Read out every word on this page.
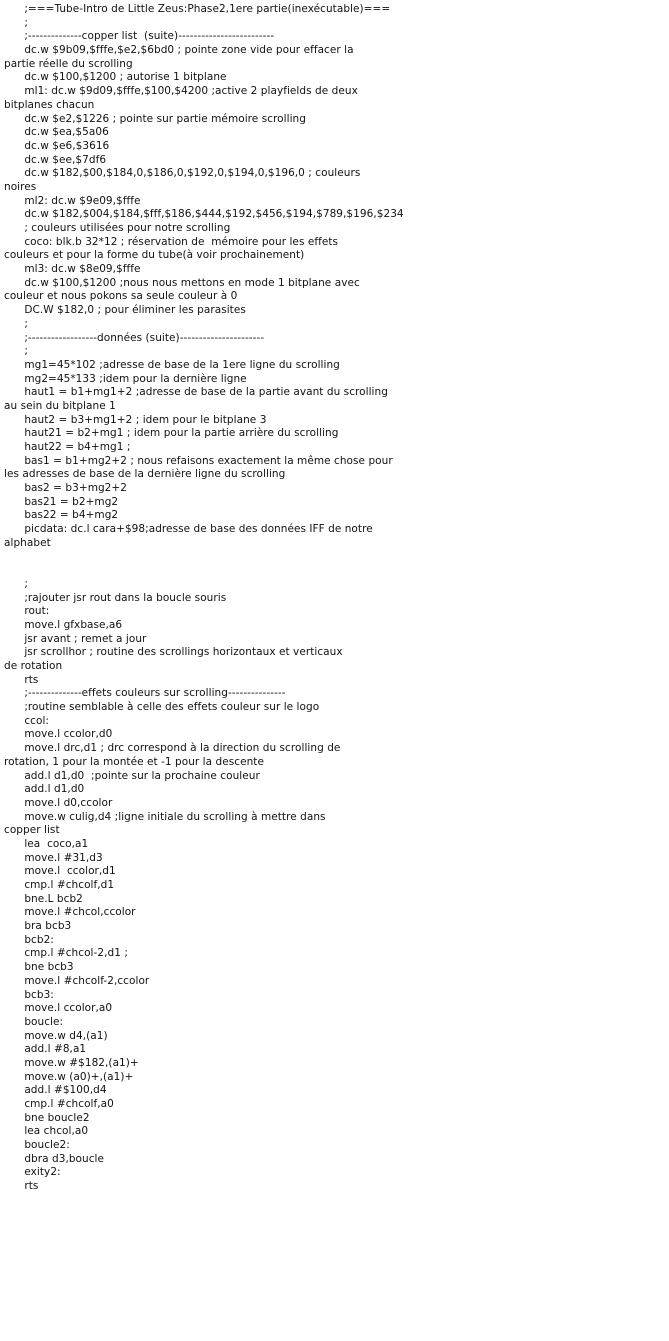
;===Tube-Intro de Little Zeus:Phase2,1ere partie(inexécutable)===
;
;--------------copper list  (suite)-------------------------
dc.w $9b09,$fffe,$e2,$6bd0 ; pointe zone vide pour effacer la
partie réelle du scrolling
dc.w $100,$1200 ; autorise 1 bitplane
ml1: dc.w $9d09,$fffe,$100,$4200 ;active 2 playfields de deux
bitplanes chacun
dc.w $e2,$1226 ; pointe sur partie mémoire scrolling
dc.w $ea,$5a06
dc.w $e6,$3616
dc.w $ee,$7df6
dc.w $182,$00,$184,0,$186,0,$192,0,$194,0,$196,0 ; couleurs
noires
ml2: dc.w $9e09,$fffe
dc.w $182,$004,$184,$fff,$186,$444,$192,$456,$194,$789,$196,$234
; couleurs utilisées pour notre scrolling
coco: blk.b 32*12 ; réservation de  mémoire pour les effets
couleurs et pour la forme du tube(à voir prochainement)
ml3: dc.w $8e09,$fffe
dc.w $100,$1200 ;nous nous mettons en mode 1 bitplane avec
couleur et nous pokons sa seule couleur à 0
DC.W $182,0 ; pour éliminer les parasites
;
;------------------données (suite)----------------------
;
mg1=45*102 ;adresse de base de la 1ere ligne du scrolling
mg2=45*133 ;idem pour la dernière ligne
haut1 = b1+mg1+2 ;adresse de base de la partie avant du scrolling
au sein du bitplane 1
haut2 = b3+mg1+2 ; idem pour le bitplane 3
haut21 = b2+mg1 ; idem pour la partie arrière du scrolling
haut22 = b4+mg1 ;
bas1 = b1+mg2+2 ; nous refaisons exactement la même chose pour
les adresses de base de la dernière ligne du scrolling
bas2 = b3+mg2+2
bas21 = b2+mg2
bas22 = b4+mg2
picdata: dc.l cara+$98;adresse de base des données IFF de notre
alphabet
;
;rajouter jsr rout dans la boucle souris
rout:
move.l gfxbase,a6
jsr avant ; remet a jour
jsr scrollhor ; routine des scrollings horizontaux et verticaux
de rotation
rts
;--------------effets couleurs sur scrolling---------------
;routine semblable à celle des effets couleur sur le logo
ccol:
move.l ccolor,d0
move.l drc,d1 ; drc correspond à la direction du scrolling de
rotation, 1 pour la montée et -1 pour la descente
add.l d1,d0  ;pointe sur la prochaine couleur
add.l d1,d0
move.l d0,ccolor
move.w culig,d4 ;ligne initiale du scrolling à mettre dans
copper list
lea  coco,a1
move.l #31,d3
move.l  ccolor,d1
cmp.l #chcolf,d1
bne.L bcb2
move.l #chcol,ccolor
bra bcb3
bcb2:
cmp.l #chcol-2,d1 ;
bne bcb3
move.l #chcolf-2,ccolor
bcb3:
move.l ccolor,a0
boucle:
move.w d4,(a1)
add.l #8,a1
move.w #$182,(a1)+
move.w (a0)+,(a1)+
add.l #$100,d4
cmp.l #chcolf,a0
bne boucle2
lea chcol,a0
boucle2:
dbra d3,boucle
exity2:
rts
